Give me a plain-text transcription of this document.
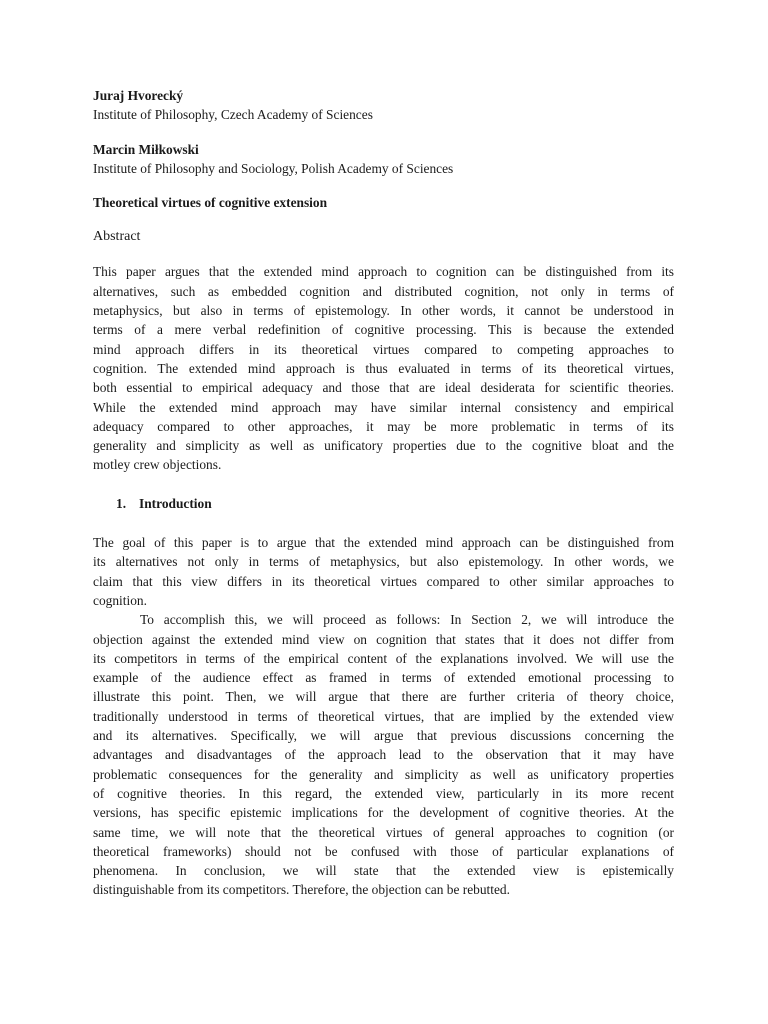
Juraj Hvorecký

Institute of Philosophy, Czech Academy of Sciences

Marcin Miłkowski

Institute of Philosophy and Sociology, Polish Academy of Sciences

Theoretical virtues of cognitive extension

Abstract

This paper argues that the extended mind approach to cognition can be distinguished from its
alternatives, such as embedded cognition and distributed cognition, not only in terms of
metaphysics, but also in terms of epistemology. In other words, it cannot be understood in
terms of a mere verbal redefinition of cognitive processing. This is because the extended
mind approach differs in its theoretical virtues compared to competing approaches to
cognition. The extended mind approach is thus evaluated in terms of its theoretical virtues,
both essential to empirical adequacy and those that are ideal desiderata for scientific theories.
While the extended mind approach may have similar internal consistency and empirical
adequacy compared to other approaches, it may be more problematic in terms of its
generality and simplicity as well as unificatory properties due to the cognitive bloat and the
motley crew objections.
1. Introduction
The goal of this paper is to argue that the extended mind approach can be distinguished from
its alternatives not only in terms of metaphysics, but also epistemology. In other words, we
claim that this view differs in its theoretical virtues compared to other similar approaches to
cognition.
To accomplish this, we will proceed as follows: In Section 2, we will introduce the
objection against the extended mind view on cognition that states that it does not differ from
its competitors in terms of the empirical content of the explanations involved. We will use the
example of the audience effect as framed in terms of extended emotional processing to
illustrate this point. Then, we will argue that there are further criteria of theory choice,
traditionally understood in terms of theoretical virtues, that are implied by the extended view
and its alternatives. Specifically, we will argue that previous discussions concerning the
advantages and disadvantages of the approach lead to the observation that it may have
problematic consequences for the generality and simplicity as well as unificatory properties
of cognitive theories. In this regard, the extended view, particularly in its more recent
versions, has specific epistemic implications for the development of cognitive theories. At the
same time, we will note that the theoretical virtues of general approaches to cognition (or
theoretical frameworks) should not be confused with those of particular explanations of
phenomena. In conclusion, we will state that the extended view is epistemically
distinguishable from its competitors. Therefore, the objection can be rebutted.
